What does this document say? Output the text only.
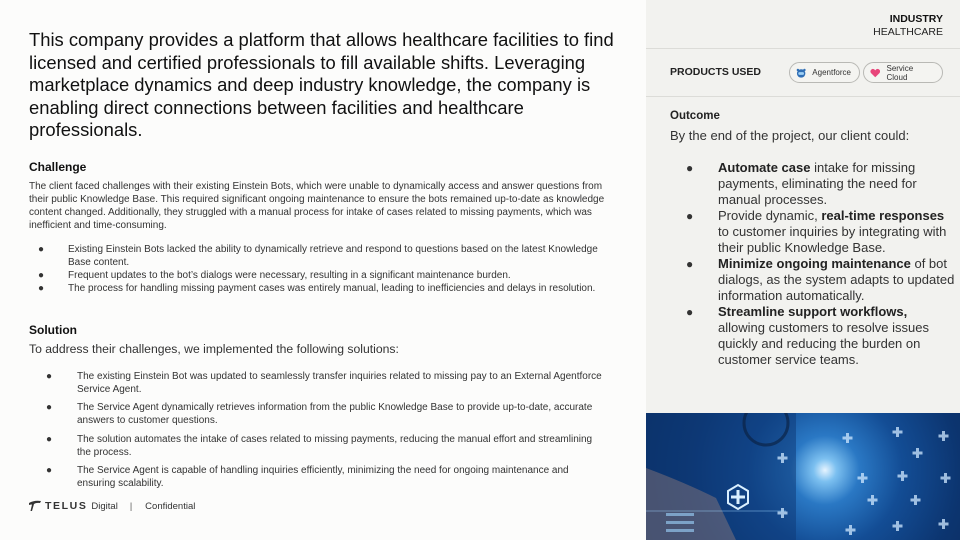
This company provides a platform that allows healthcare facilities to find licensed and certified professionals to fill available shifts. Leveraging marketplace dynamics and deep industry knowledge, the company is enabling direct connections between facilities and healthcare professionals.

Challenge

The client faced challenges with their existing Einstein Bots, which were unable to dynamically access and answer questions from their public Knowledge Base. This required significant ongoing maintenance to ensure the bots remained up-to-date as knowledge content changed. Additionally, they struggled with a manual process for intake of cases related to missing payments, which was inefficient and time-consuming.

● Existing Einstein Bots lacked the ability to dynamically retrieve and respond to questions based on the latest Knowledge Base content.
● Frequent updates to the bot’s dialogs were necessary, resulting in a significant maintenance burden.
● The process for handling missing payment cases was entirely manual, leading to inefficiencies and delays in resolution.
Solution

To address their challenges, we implemented the following solutions:

● The existing Einstein Bot was updated to seamlessly transfer inquiries related to missing pay to an External Agentforce Service Agent.
● The Service Agent dynamically retrieves information from the public Knowledge Base to provide up-to-date, accurate answers to customer questions.
● The solution automates the intake of cases related to missing payments, reducing the manual effort and streamlining the process.
● The Service Agent is capable of handling inquiries efficiently, minimizing the need for ongoing maintenance and ensuring scalability.
TELUS Digital | Confidential
INDUSTRY
HEALTHCARE
PRODUCTS USED	Agentforce	Service Cloud
Outcome
By the end of the project, our client could:
● Automate case intake for missing payments, eliminating the need for manual processes.
● Provide dynamic, real-time responses to customer inquiries by integrating with their public Knowledge Base.
● Minimize ongoing maintenance of bot dialogs, as the system adapts to updated information automatically.
● Streamline support workflows, allowing customers to resolve issues quickly and reducing the burden on customer service teams.
